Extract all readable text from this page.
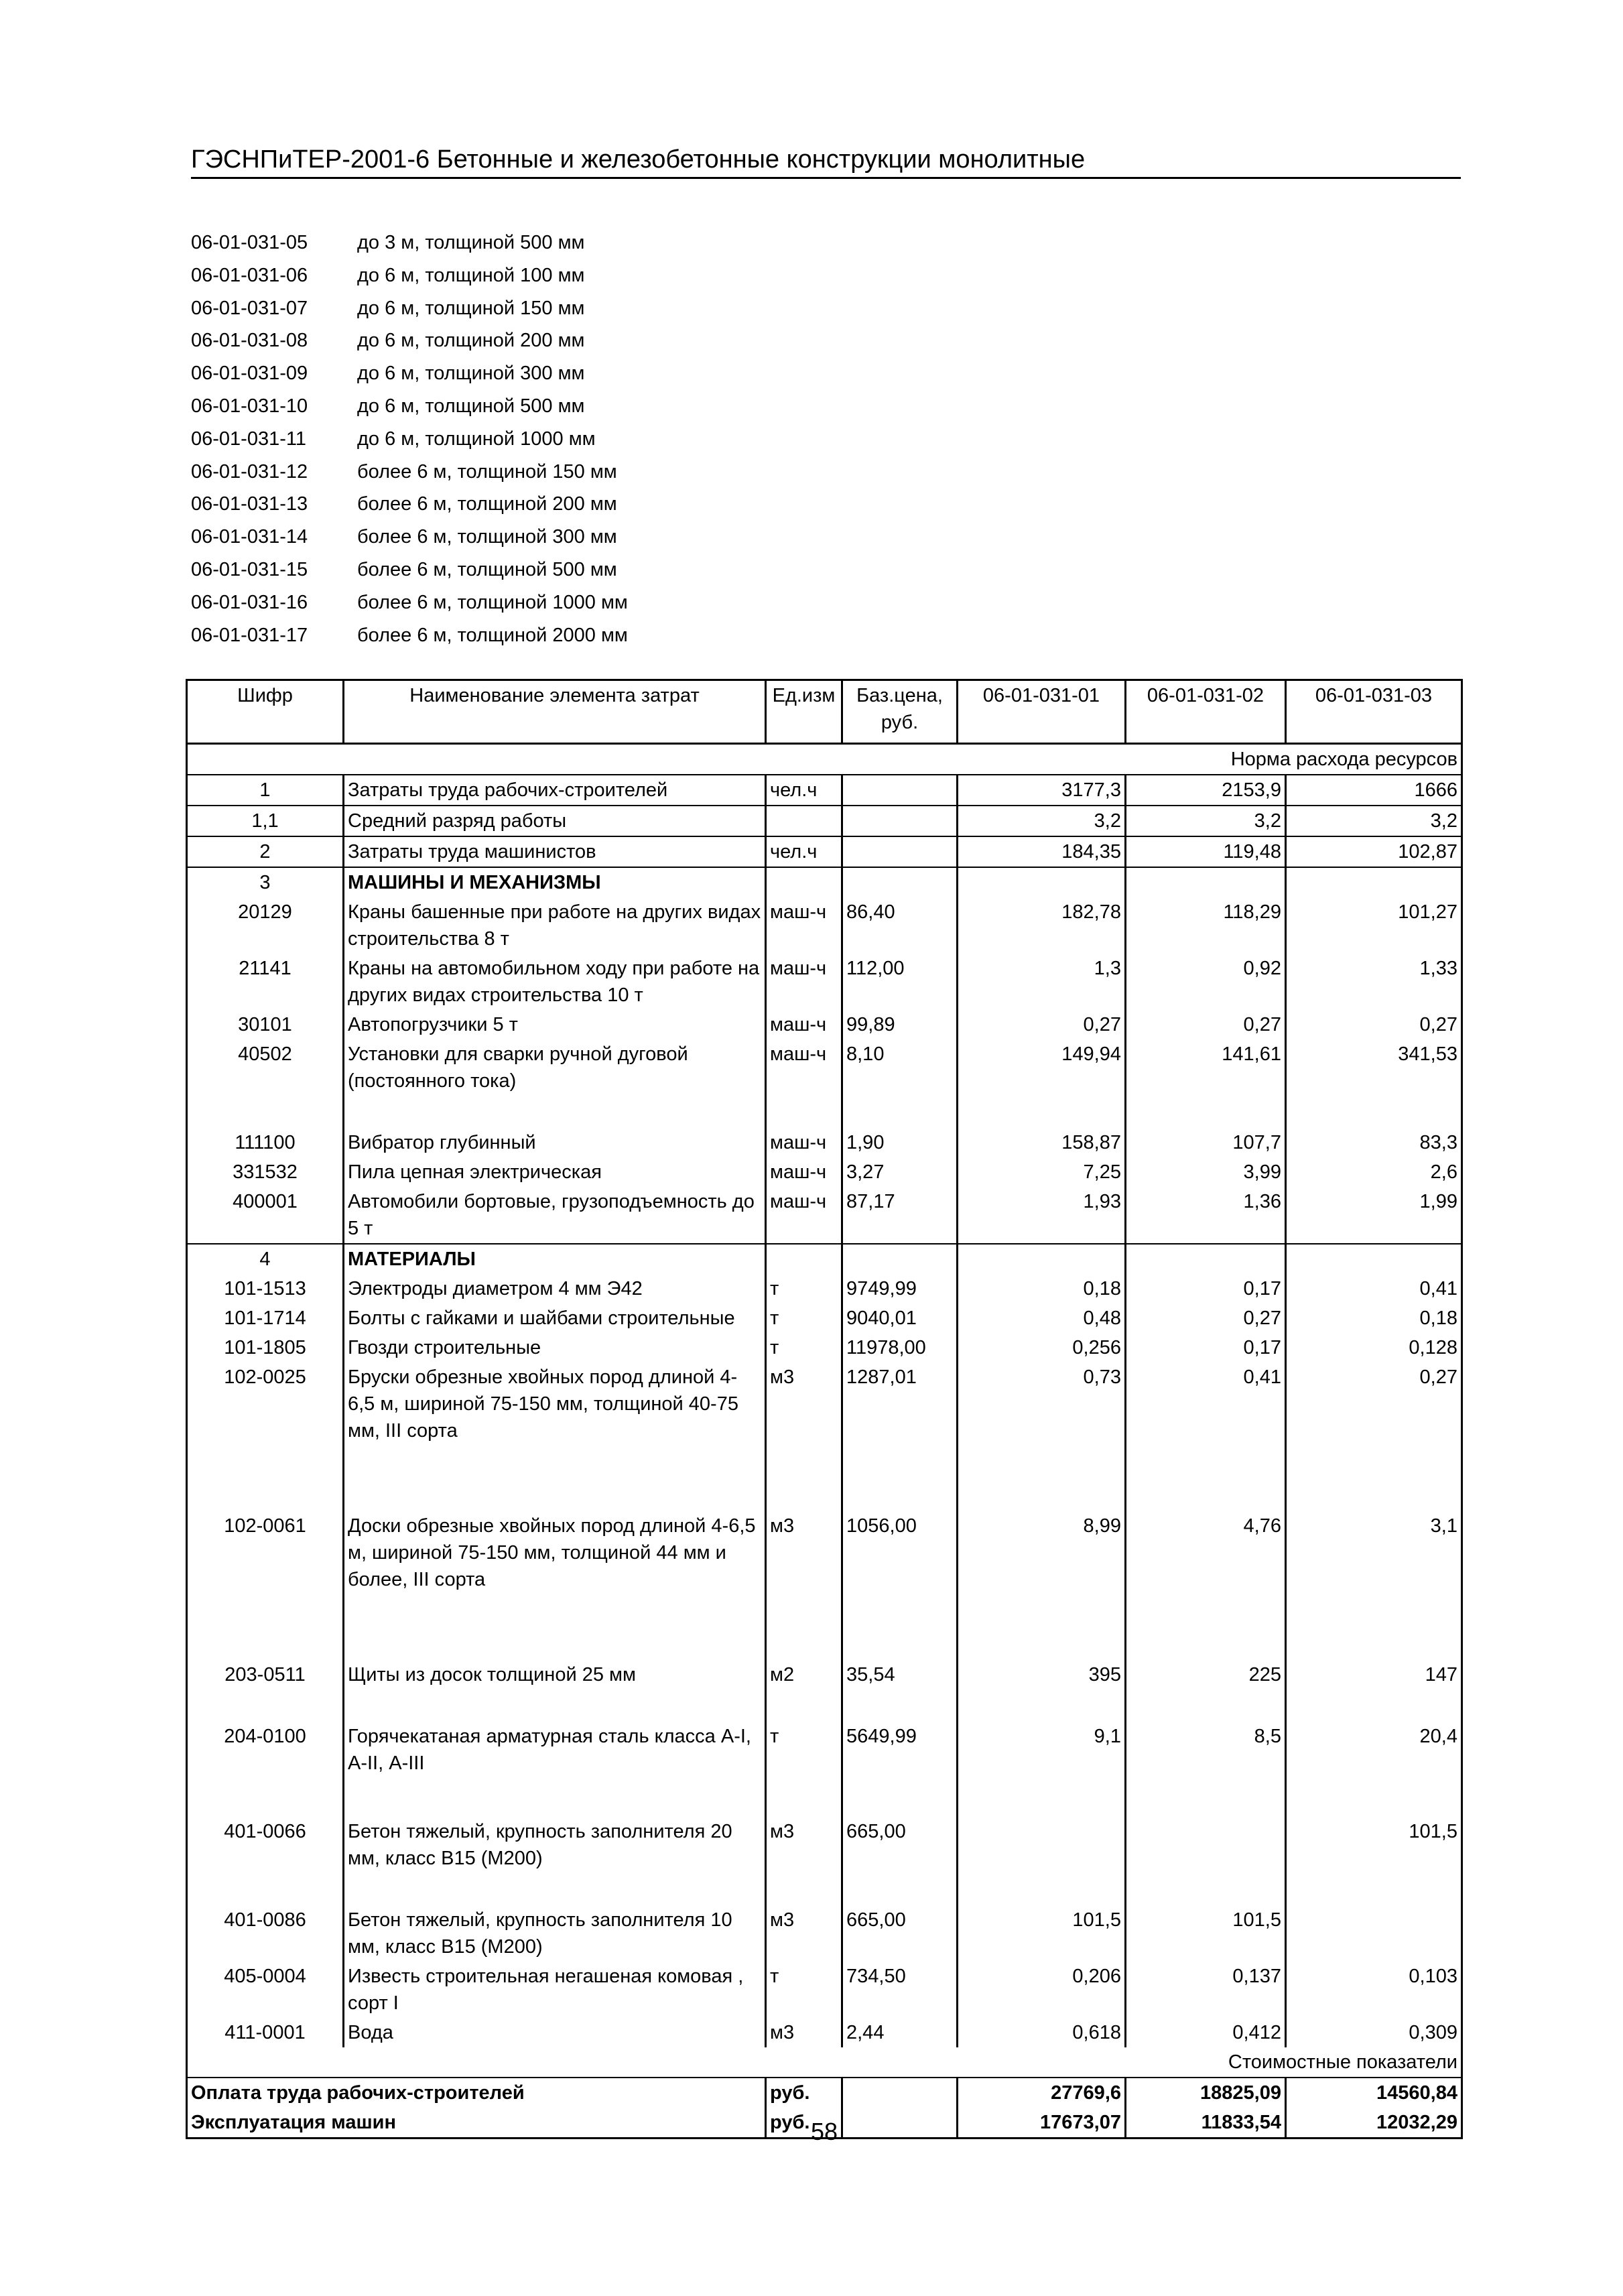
ГЭСНПиТЕР-2001-6 Бетонные и железобетонные конструкции монолитные
06-01-031-05	до 3 м, толщиной 500 мм
06-01-031-06	до 6 м, толщиной 100 мм
06-01-031-07	до 6 м, толщиной 150 мм
06-01-031-08	до 6 м, толщиной 200 мм
06-01-031-09	до 6 м, толщиной 300 мм
06-01-031-10	до 6 м, толщиной 500 мм
06-01-031-11	до 6 м, толщиной 1000 мм
06-01-031-12	более 6 м, толщиной 150 мм
06-01-031-13	более 6 м, толщиной 200 мм
06-01-031-14	более 6 м, толщиной 300 мм
06-01-031-15	более 6 м, толщиной 500 мм
06-01-031-16	более 6 м, толщиной 1000 мм
06-01-031-17	более 6 м, толщиной 2000 мм
Шифр	Наименование элемента затрат	Ед.изм	Баз.цена, руб.	06-01-031-01	06-01-031-02	06-01-031-03
Норма расхода ресурсов						
1	Затраты труда рабочих-строителей	чел.ч		3177,3	2153,9	1666
1,1	Средний разряд работы			3,2	3,2	3,2
2	Затраты труда машинистов	чел.ч		184,35	119,48	102,87
3	МАШИНЫ И МЕХАНИЗМЫ					
20129	Краны башенные при работе на других видах строительства 8 т	маш-ч	86,40	182,78	118,29	101,27
21141	Краны на автомобильном ходу при работе на других видах строительства 10 т	маш-ч	112,00	1,3	0,92	1,33
30101	Автопогрузчики 5 т	маш-ч	99,89	0,27	0,27	0,27
40502	Установки для сварки ручной дуговой (постоянного тока)	маш-ч	8,10	149,94	141,61	341,53
111100	Вибратор глубинный	маш-ч	1,90	158,87	107,7	83,3
331532	Пила цепная электрическая	маш-ч	3,27	7,25	3,99	2,6
400001	Автомобили бортовые, грузоподъемность до 5 т	маш-ч	87,17	1,93	1,36	1,99
4	МАТЕРИАЛЫ					
101-1513	Электроды диаметром 4 мм Э42	т	9749,99	0,18	0,17	0,41
101-1714	Болты с гайками и шайбами строительные	т	9040,01	0,48	0,27	0,18
101-1805	Гвозди строительные	т	11978,00	0,256	0,17	0,128
102-0025	Бруски обрезные хвойных пород длиной 4-6,5 м, шириной 75-150 мм, толщиной 40-75 мм, III сорта	м3	1287,01	0,73	0,41	0,27
102-0061	Доски обрезные хвойных пород длиной 4-6,5 м, шириной 75-150 мм, толщиной 44 мм и более, III сорта	м3	1056,00	8,99	4,76	3,1
203-0511	Щиты из досок толщиной 25 мм	м2	35,54	395	225	147
204-0100	Горячекатаная арматурная сталь класса А-I, А-II, А-III	т	5649,99	9,1	8,5	20,4
401-0066	Бетон тяжелый, крупность заполнителя 20 мм, класс В15 (М200)	м3	665,00			101,5
401-0086	Бетон тяжелый, крупность заполнителя 10 мм, класс В15 (М200)	м3	665,00	101,5	101,5	
405-0004	Известь строительная негашеная комовая , сорт I	т	734,50	0,206	0,137	0,103
411-0001	Вода	м3	2,44	0,618	0,412	0,309
Стоимостные показатели						
Оплата труда рабочих-строителей		руб.		27769,6	18825,09	14560,84
Эксплуатация машин		руб.		17673,07	11833,54	12032,29
58
